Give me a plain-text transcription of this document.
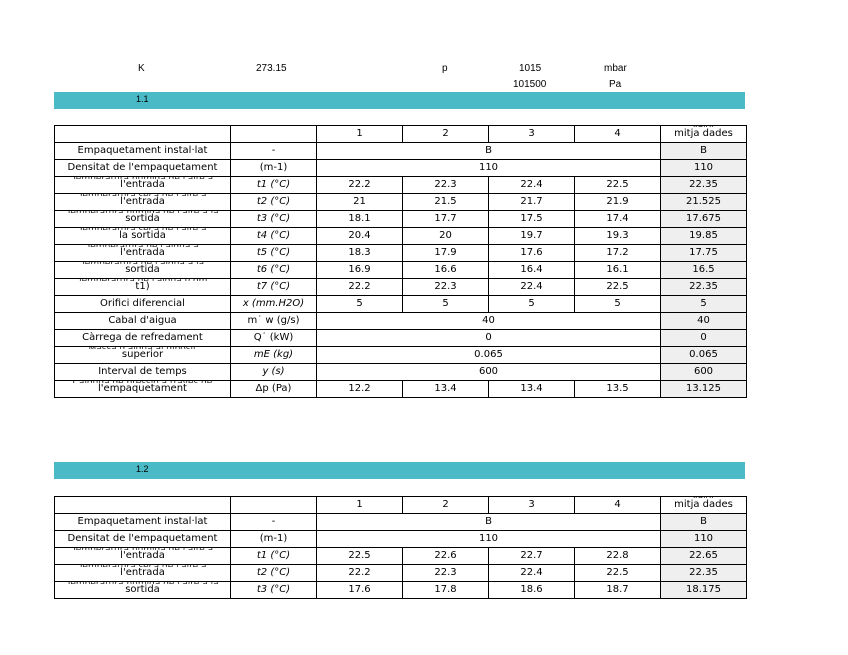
K	273.15	p	1015	mbar
101500	Pa
1.1
		1	2	3	4	mitja dades
Empaquetament instal·lat	-	B				B
Densitat de l'empaquetament	(m-1)	110				110

l'entrada	t1 (°C)	22.2	22.3	22.4	22.5	22.35

l'entrada	t2 (°C)	21	21.5	21.7	21.9	21.525

sortida	t3 (°C)	18.1	17.7	17.5	17.4	17.675

la sortida	t4 (°C)	20.4	20	19.7	19.3	19.85

l'entrada	t5 (°C)	18.3	17.9	17.6	17.2	17.75

sortida	t6 (°C)	16.9	16.6	16.4	16.1	16.5

t1)	t7 (°C)	22.2	22.3	22.4	22.5	22.35
Orifici diferencial	x (mm.H2O)	5	5	5	5	5
Cabal d'aigua	m˙ w (g/s)	40				40
Càrrega de refredament	Q˙ (kW)	0				0

superior	mE (kg)	0.065				0.065
Interval de temps	y (s)	600				600

l'empaquetament	Δp (Pa)	12.2	13.4	13.4	13.5	13.125
1.2
		1	2	3	4	mitja dades
Empaquetament instal·lat	-	B				B
Densitat de l'empaquetament	(m-1)	110				110

l'entrada	t1 (°C)	22.5	22.6	22.7	22.8	22.65

l'entrada	t2 (°C)	22.2	22.3	22.4	22.5	22.35

sortida	t3 (°C)	17.6	17.8	18.6	18.7	18.175
